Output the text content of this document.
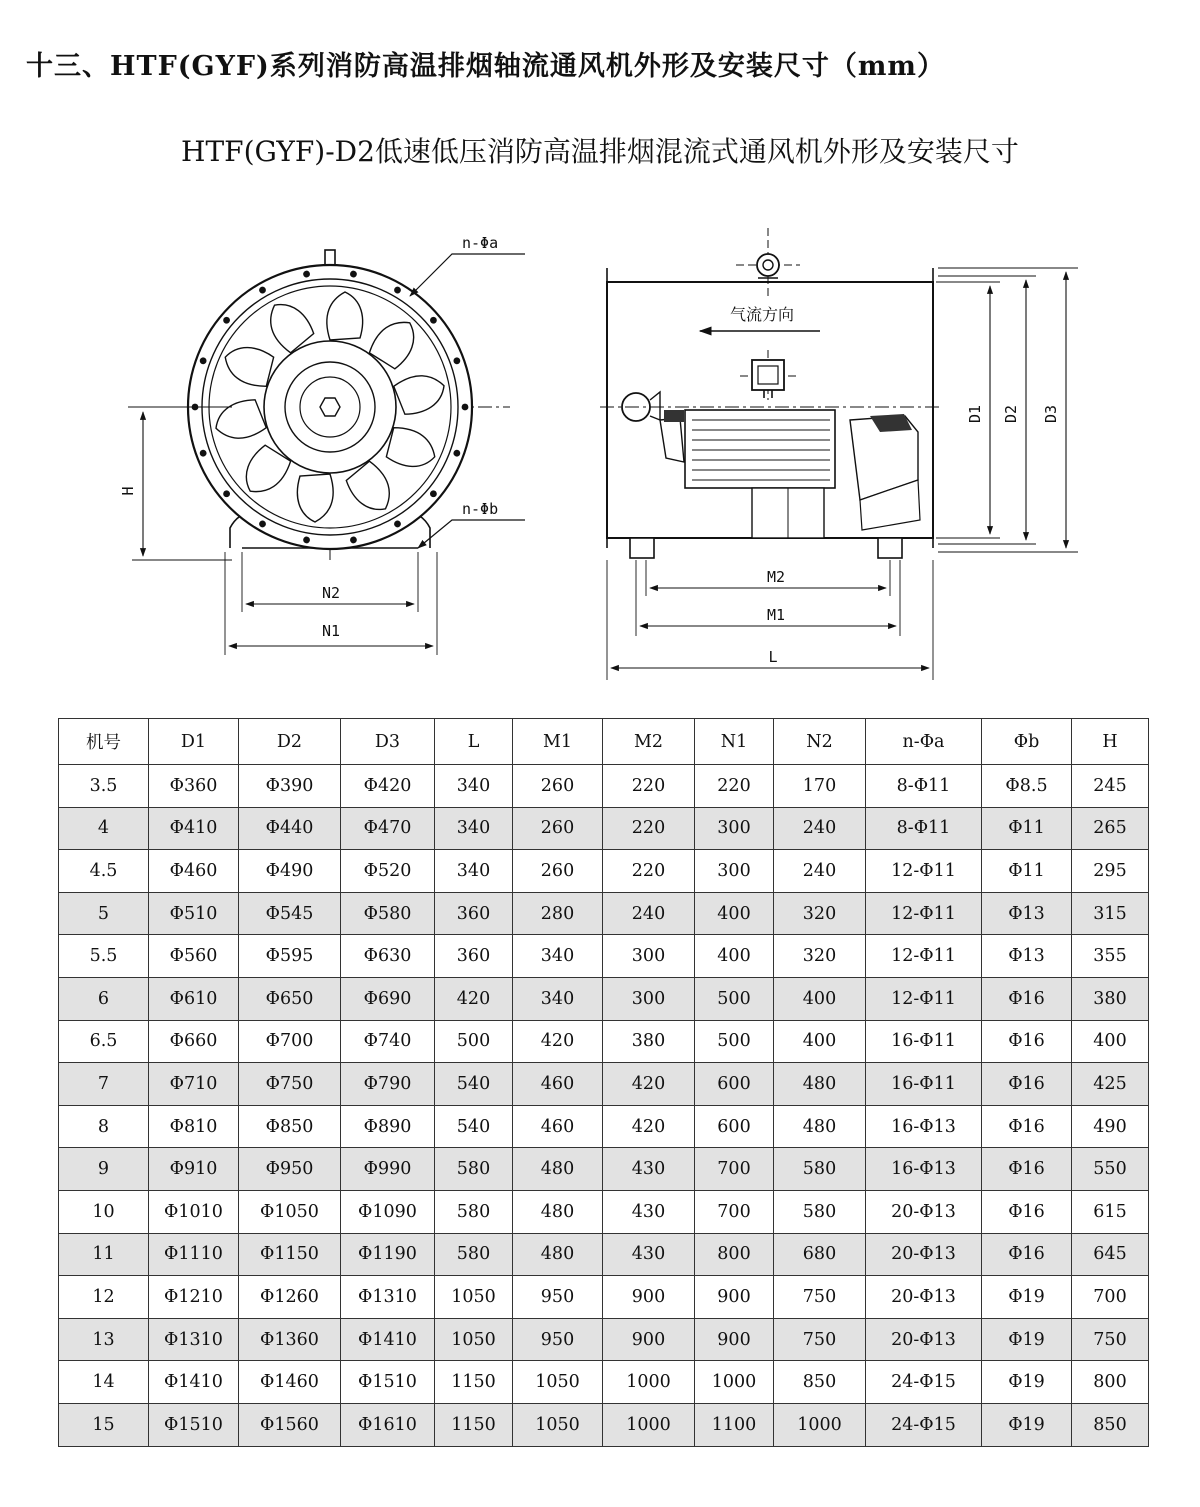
十三、HTF(GYF)系列消防高温排烟轴流通风机外形及安装尺寸（mm）
HTF(GYF)-D2低速低压消防高温排烟混流式通风机外形及安装尺寸
n-Φa
n-Φb
H
N2
N1
气流方向
D1 D2 D3
M2
M1
L
机号	D1	D2	D3	L	M1	M2	N1	N2	n-Φa	Φb	H
3.5	Φ360	Φ390	Φ420	340	260	220	220	170	8-Φ11	Φ8.5	245
4	Φ410	Φ440	Φ470	340	260	220	300	240	8-Φ11	Φ11	265
4.5	Φ460	Φ490	Φ520	340	260	220	300	240	12-Φ11	Φ11	295
5	Φ510	Φ545	Φ580	360	280	240	400	320	12-Φ11	Φ13	315
5.5	Φ560	Φ595	Φ630	360	340	300	400	320	12-Φ11	Φ13	355
6	Φ610	Φ650	Φ690	420	340	300	500	400	12-Φ11	Φ16	380
6.5	Φ660	Φ700	Φ740	500	420	380	500	400	16-Φ11	Φ16	400
7	Φ710	Φ750	Φ790	540	460	420	600	480	16-Φ11	Φ16	425
8	Φ810	Φ850	Φ890	540	460	420	600	480	16-Φ13	Φ16	490
9	Φ910	Φ950	Φ990	580	480	430	700	580	16-Φ13	Φ16	550
10	Φ1010	Φ1050	Φ1090	580	480	430	700	580	20-Φ13	Φ16	615
11	Φ1110	Φ1150	Φ1190	580	480	430	800	680	20-Φ13	Φ16	645
12	Φ1210	Φ1260	Φ1310	1050	950	900	900	750	20-Φ13	Φ19	700
13	Φ1310	Φ1360	Φ1410	1050	950	900	900	750	20-Φ13	Φ19	750
14	Φ1410	Φ1460	Φ1510	1150	1050	1000	1000	850	24-Φ15	Φ19	800
15	Φ1510	Φ1560	Φ1610	1150	1050	1000	1100	1000	24-Φ15	Φ19	850
